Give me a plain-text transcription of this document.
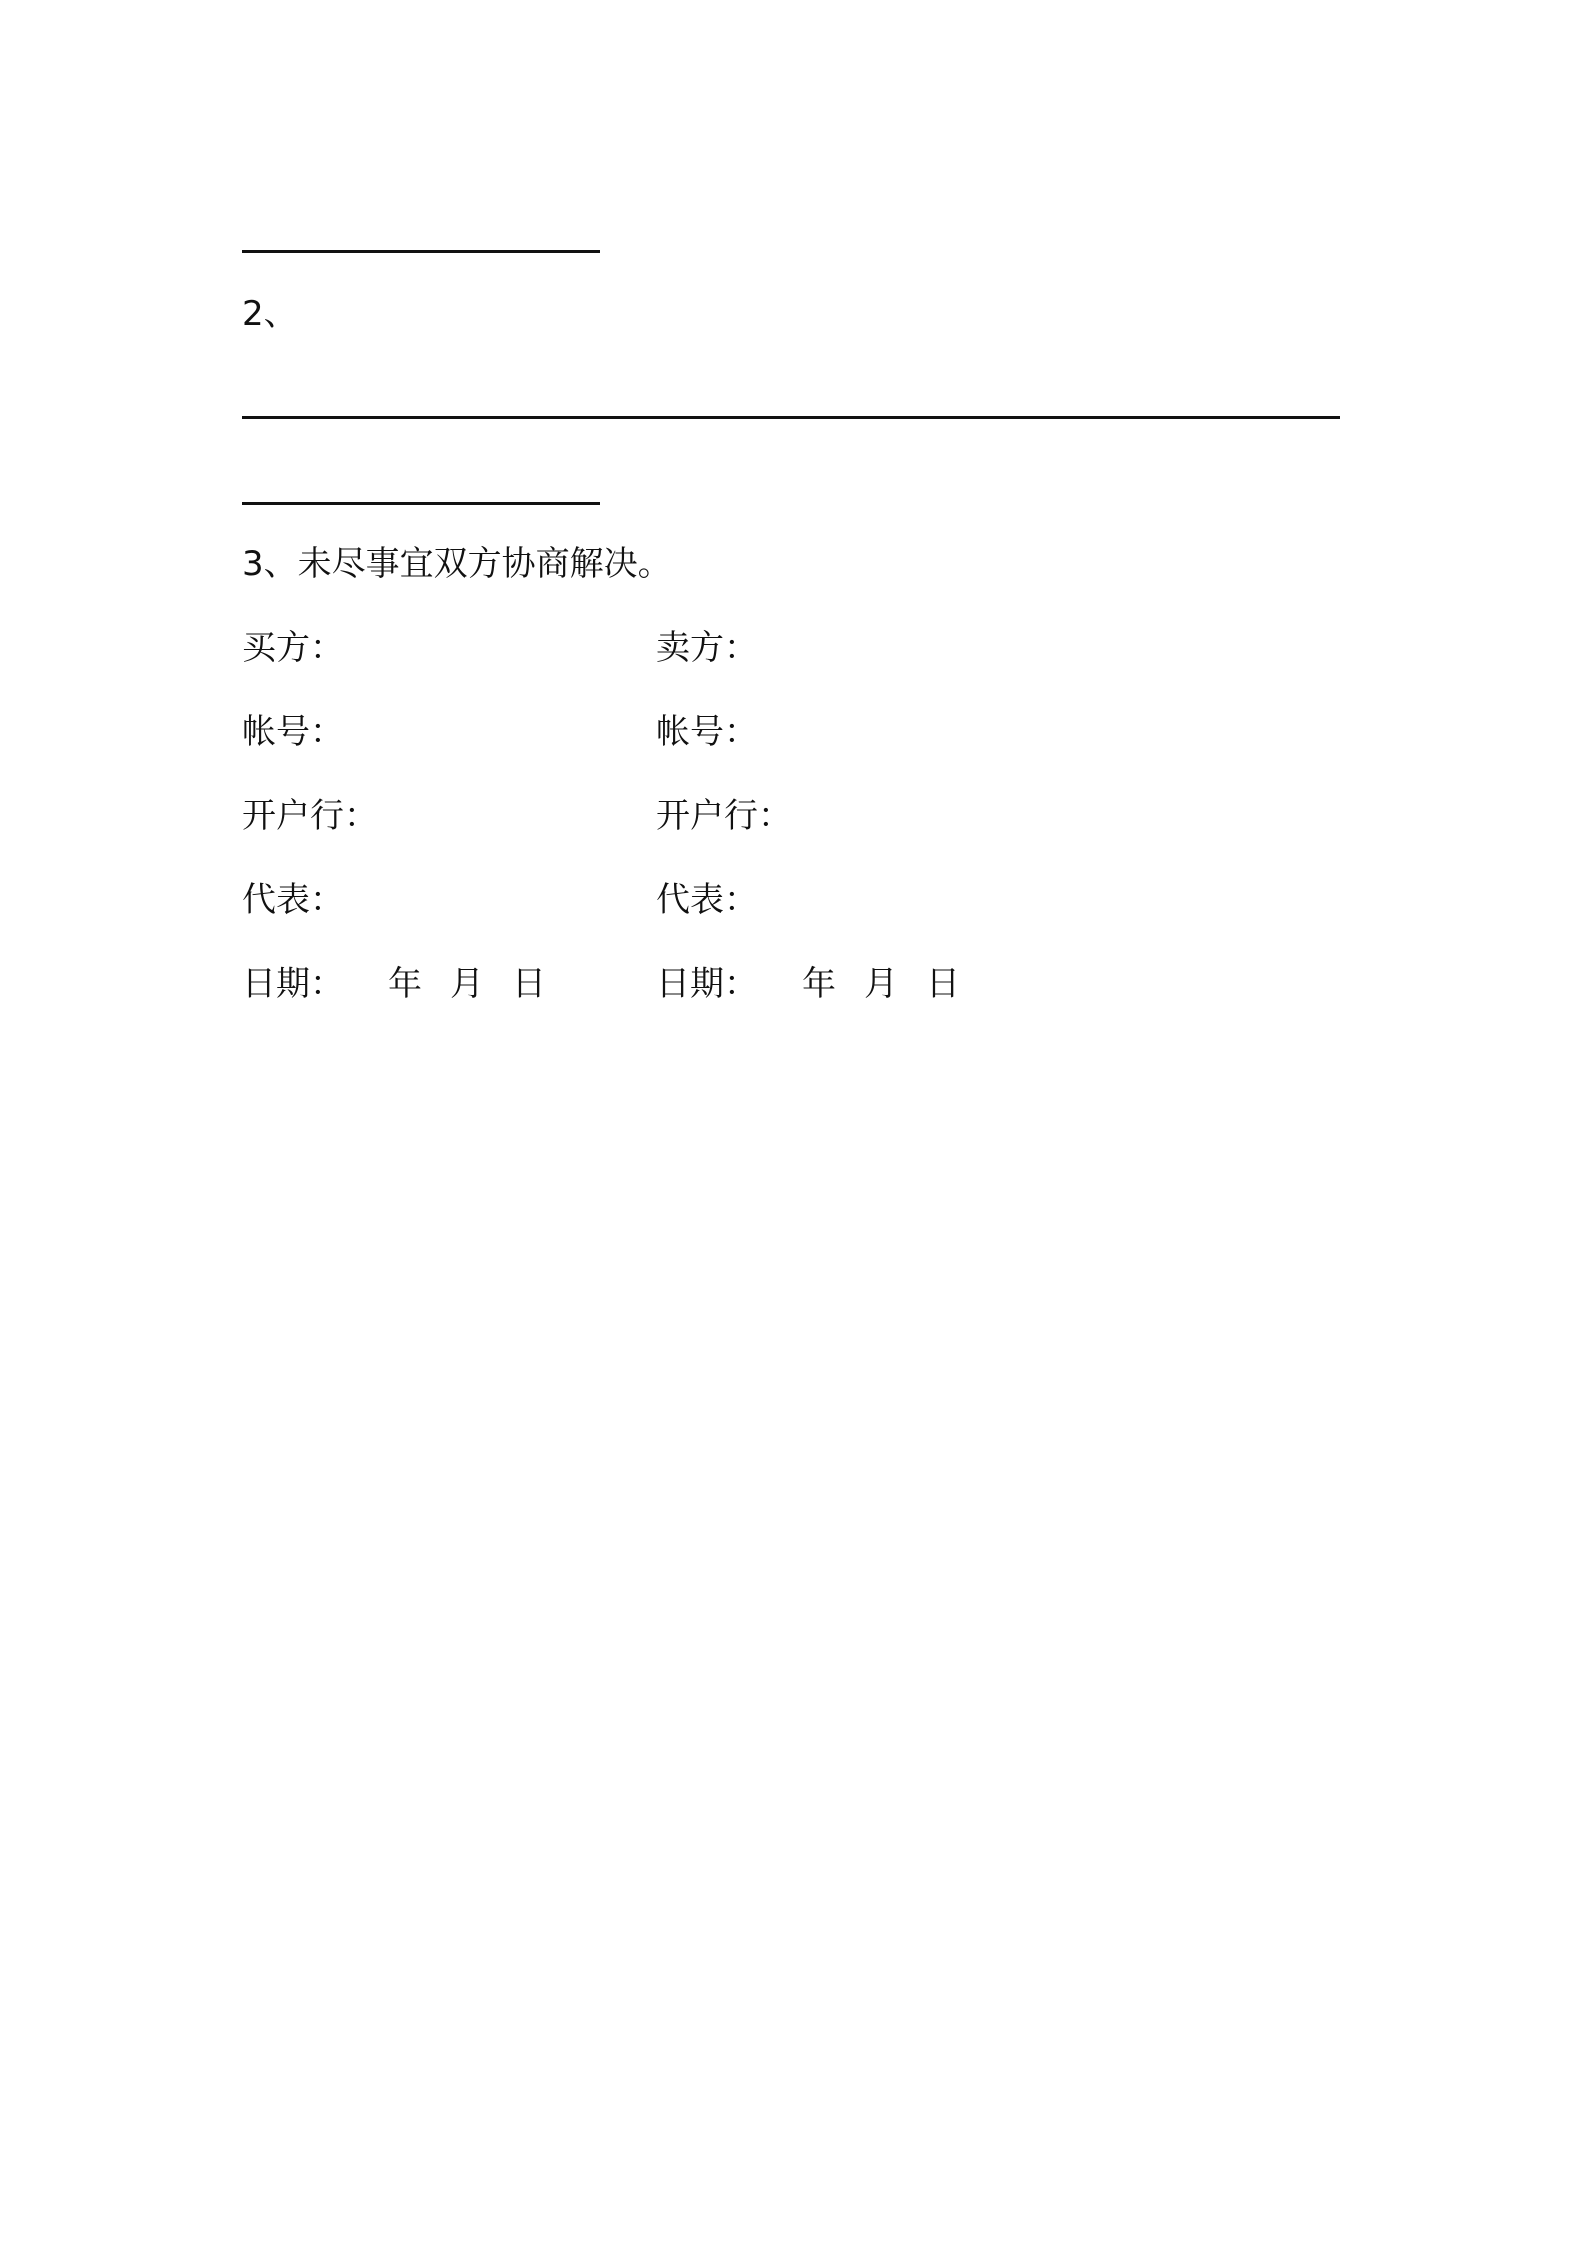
2、
3、未尽事宜双方协商解决。
买方：	卖方：
帐号：	帐号：
开户行：	开户行：
代表：	代表：
日期： 年 月 日	日期： 年 月 日
